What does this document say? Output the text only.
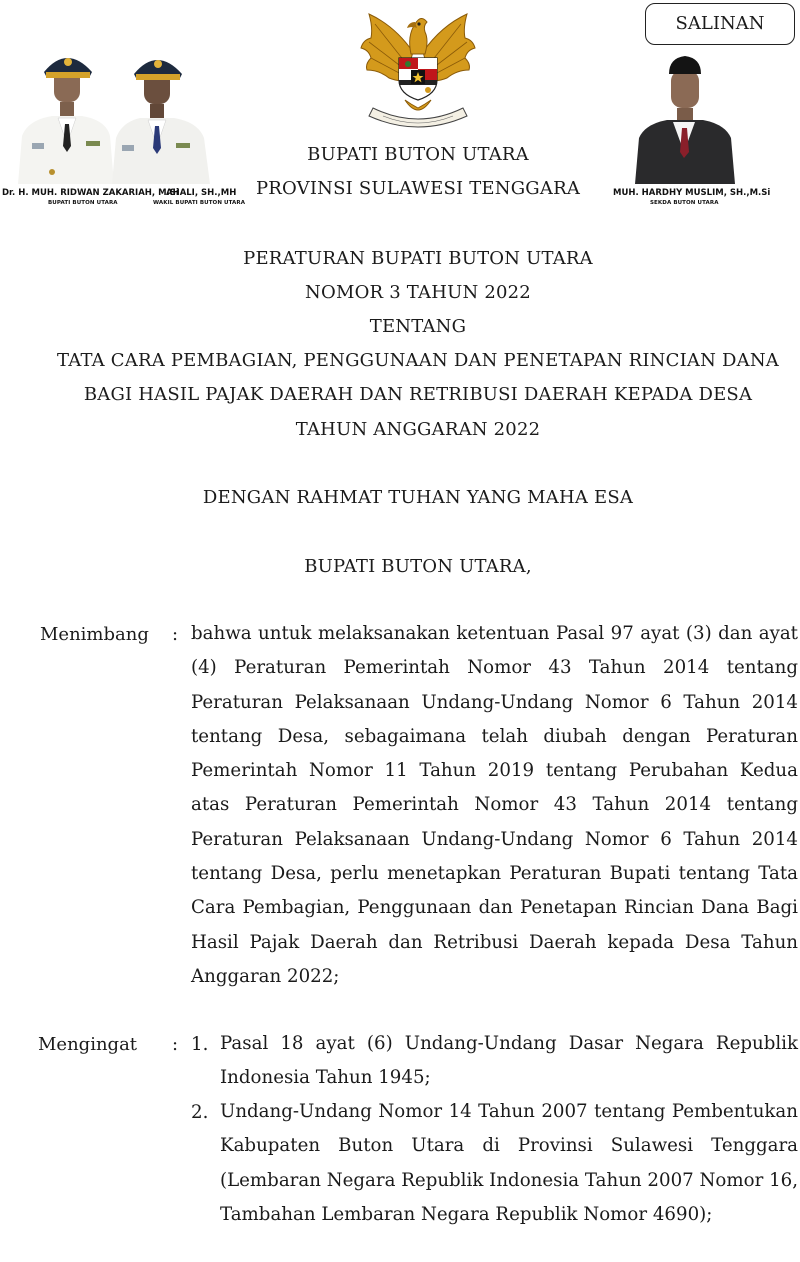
SALINAN
Dr. H. MUH. RIDWAN ZAKARIAH, M.Si
BUPATI BUTON UTARA
AHALI, SH.,MH
WAKIL BUPATI BUTON UTARA
BUPATI BUTON UTARA
PROVINSI SULAWESI TENGGARA	MUH. HARDHY MUSLIM, SH.,M.Si
SEKDA BUTON UTARA
PERATURAN BUPATI BUTON UTARA
NOMOR 3 TAHUN 2022
TENTANG
TATA CARA PEMBAGIAN, PENGGUNAAN DAN PENETAPAN RINCIAN DANA
BAGI HASIL PAJAK DAERAH DAN RETRIBUSI DAERAH KEPADA DESA
TAHUN ANGGARAN 2022
DENGAN RAHMAT TUHAN YANG MAHA ESA
BUPATI BUTON UTARA,
Menimbang : bahwa untuk melaksanakan ketentuan Pasal 97 ayat (3) dan ayat (4) Peraturan Pemerintah Nomor 43 Tahun 2014 tentang Peraturan Pelaksanaan Undang-Undang Nomor 6 Tahun 2014 tentang Desa, sebagaimana telah diubah dengan Peraturan Pemerintah Nomor 11 Tahun 2019 tentang Perubahan Kedua atas Peraturan Pemerintah Nomor 43 Tahun 2014 tentang Peraturan Pelaksanaan Undang-Undang Nomor 6 Tahun 2014 tentang Desa, perlu menetapkan Peraturan Bupati tentang Tata Cara Pembagian, Penggunaan dan Penetapan Rincian Dana Bagi Hasil Pajak Daerah dan Retribusi Daerah kepada Desa Tahun Anggaran 2022;
Mengingat : 1. Pasal 18 ayat (6) Undang-Undang Dasar Negara Republik Indonesia Tahun 1945;
2. Undang-Undang Nomor 14 Tahun 2007 tentang Pembentukan Kabupaten Buton Utara di Provinsi Sulawesi Tenggara (Lembaran Negara Republik Indonesia Tahun 2007 Nomor 16, Tambahan Lembaran Negara Republik Nomor 4690);
